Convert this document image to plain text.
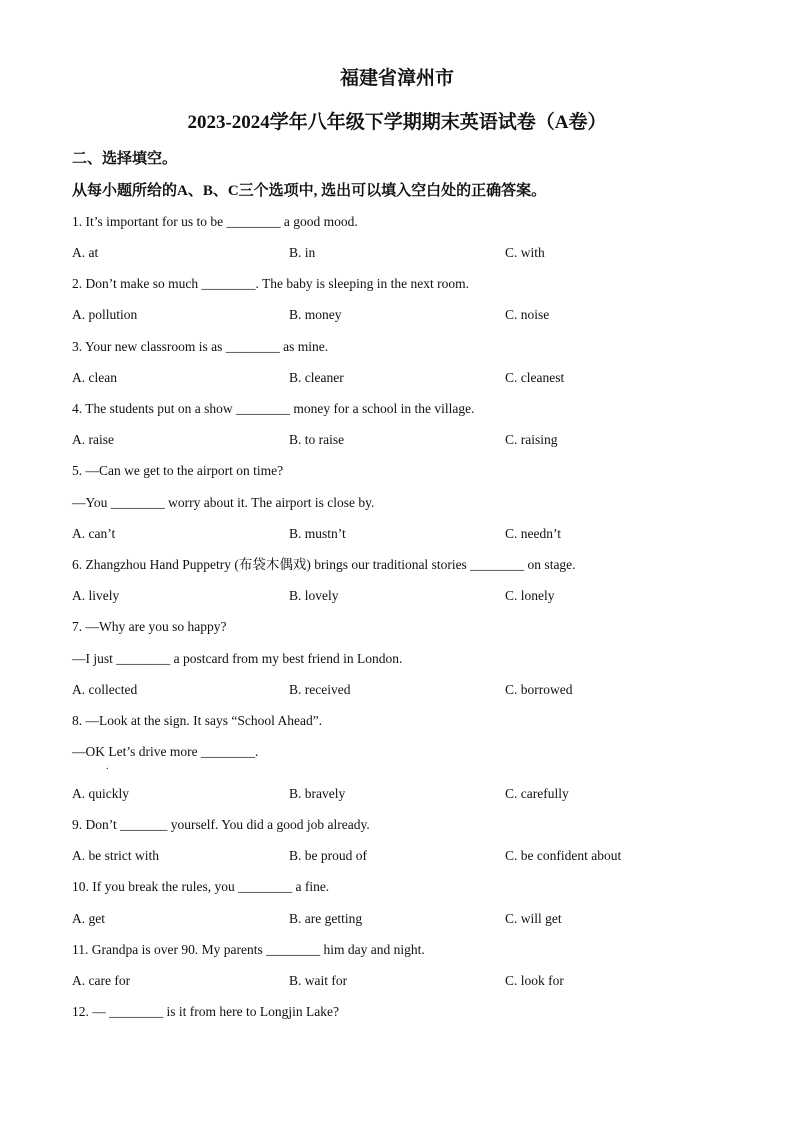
福建省漳州市
2023-2024学年八年级下学期期末英语试卷（A卷）
二、选择填空。
从每小题所给的A、B、C三个选项中, 选出可以填入空白处的正确答案。
1. It’s important for us to be ________ a good mood.
A. at	B. in	C. with
2. Don’t make so much ________. The baby is sleeping in the next room.
A. pollution	B. money	C. noise
3. Your new classroom is as ________ as mine.
A. clean	B. cleaner	C. cleanest
4. The students put on a show ________ money for a school in the village.
A. raise	B. to raise	C. raising
5. —Can we get to the airport on time?
—You ________ worry about it. The airport is close by.
A. can’t	B. mustn’t	C. needn’t
6. Zhangzhou Hand Puppetry (布袋木偶戏) brings our traditional stories ________ on stage.
A. lively	B. lovely	C. lonely
7. —Why are you so happy?
—I just ________ a postcard from my best friend in London.
A. collected	B. received	C. borrowed
8. —Look at the sign. It says “School Ahead”.
—OK Let’s drive more ________.
.
A. quickly	B. bravely	C. carefully
9. Don’t _______ yourself. You did a good job already.
A. be strict with	B. be proud of	C. be confident about
10. If you break the rules, you ________ a fine.
A. get	B. are getting	C. will get
11. Grandpa is over 90. My parents ________ him day and night.
A. care for	B. wait for	C. look for
12. — ________ is it from here to Longjin Lake?
